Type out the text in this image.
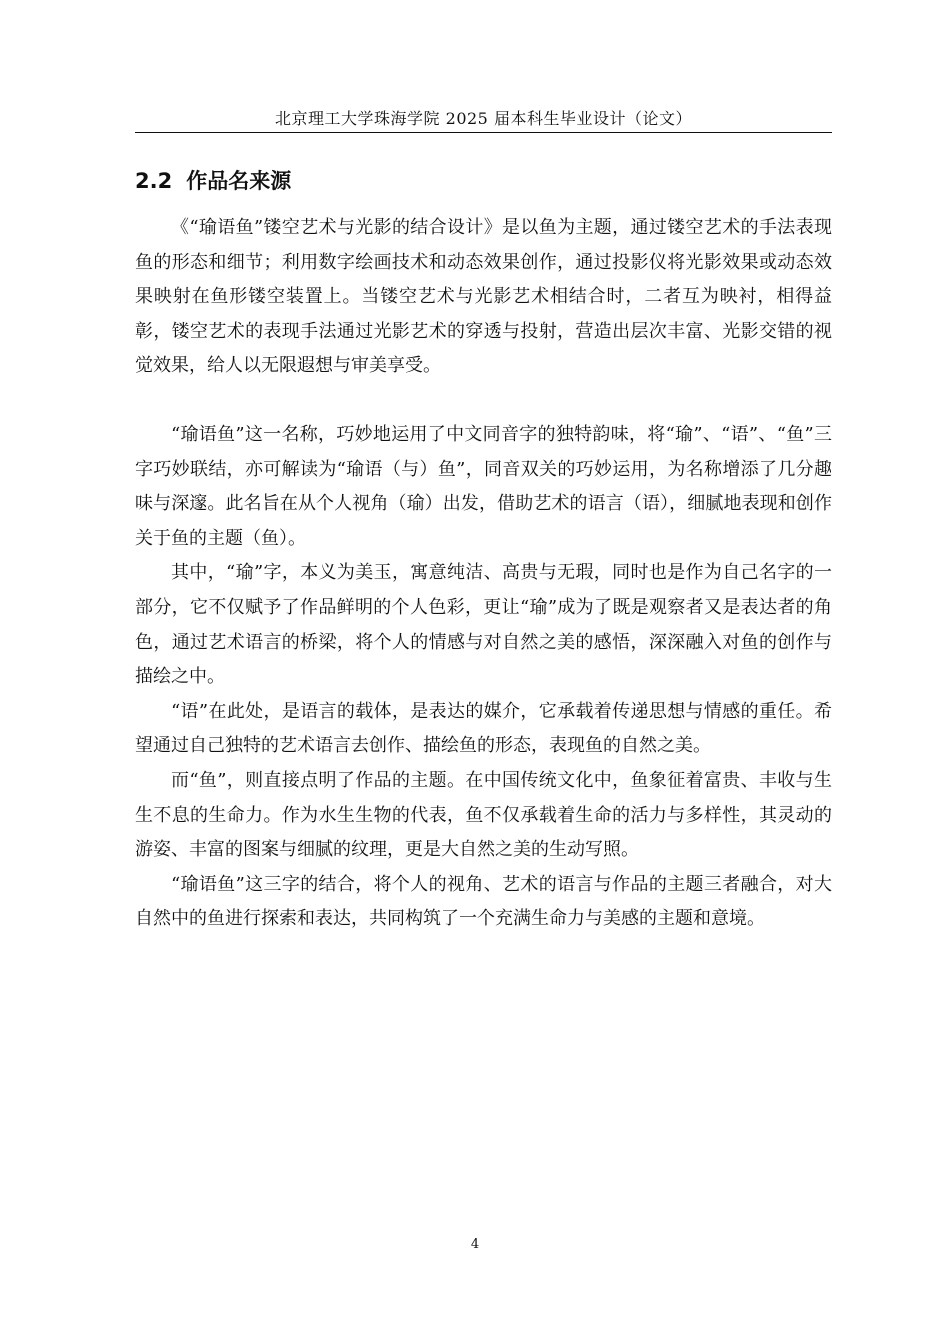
北京理工大学珠海学院 2025 届本科生毕业设计（论文）
2.2 作品名来源

《“瑜语鱼”镂空艺术与光影的结合设计》是以鱼为主题，通过镂空艺术的手法表现鱼的形态和细节；利用数字绘画技术和动态效果创作，通过投影仪将光影效果或动态效果映射在鱼形镂空装置上。当镂空艺术与光影艺术相结合时，二者互为映衬，相得益彰，镂空艺术的表现手法通过光影艺术的穿透与投射，营造出层次丰富、光影交错的视觉效果，给人以无限遐想与审美享受。

“瑜语鱼”这一名称，巧妙地运用了中文同音字的独特韵味，将“瑜”、“语”、“鱼”三字巧妙联结，亦可解读为“瑜语（与）鱼”，同音双关的巧妙运用，为名称增添了几分趣味与深邃。此名旨在从个人视角（瑜）出发，借助艺术的语言（语），细腻地表现和创作关于鱼的主题（鱼）。

其中，“瑜”字，本义为美玉，寓意纯洁、高贵与无瑕，同时也是作为自己名字的一部分，它不仅赋予了作品鲜明的个人色彩，更让“瑜”成为了既是观察者又是表达者的角色，通过艺术语言的桥梁，将个人的情感与对自然之美的感悟，深深融入对鱼的创作与描绘之中。

“语”在此处，是语言的载体，是表达的媒介，它承载着传递思想与情感的重任。希望通过自己独特的艺术语言去创作、描绘鱼的形态，表现鱼的自然之美。

而“鱼”，则直接点明了作品的主题。在中国传统文化中，鱼象征着富贵、丰收与生生不息的生命力。作为水生生物的代表，鱼不仅承载着生命的活力与多样性，其灵动的游姿、丰富的图案与细腻的纹理，更是大自然之美的生动写照。

“瑜语鱼”这三字的结合，将个人的视角、艺术的语言与作品的主题三者融合，对大自然中的鱼进行探索和表达，共同构筑了一个充满生命力与美感的主题和意境。

4
